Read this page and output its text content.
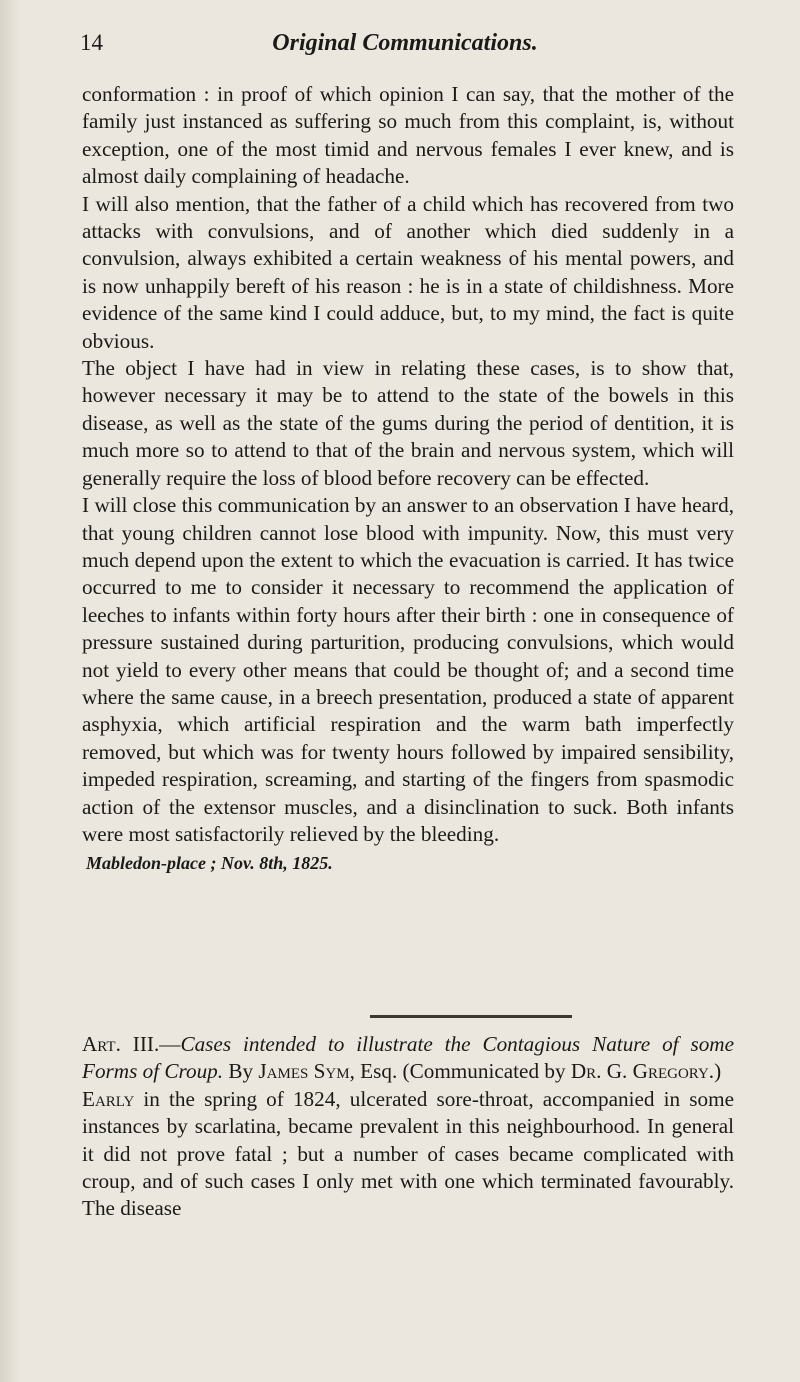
Original Communications.
14

conformation : in proof of which opinion I can say, that the mother of the family just instanced as suffering so much from this complaint, is, without exception, one of the most timid and nervous females I ever knew, and is almost daily complaining of headache.

I will also mention, that the father of a child which has recovered from two attacks with convulsions, and of another which died suddenly in a convulsion, always exhibited a certain weakness of his mental powers, and is now unhappily bereft of his reason : he is in a state of childishness. More evidence of the same kind I could adduce, but, to my mind, the fact is quite obvious.

The object I have had in view in relating these cases, is to show that, however necessary it may be to attend to the state of the bowels in this disease, as well as the state of the gums during the period of dentition, it is much more so to attend to that of the brain and nervous system, which will generally require the loss of blood before recovery can be effected.

I will close this communication by an answer to an observation I have heard, that young children cannot lose blood with impunity. Now, this must very much depend upon the extent to which the evacuation is carried. It has twice occurred to me to consider it necessary to recommend the application of leeches to infants within forty hours after their birth : one in consequence of pressure sustained during parturition, producing convulsions, which would not yield to every other means that could be thought of; and a second time where the same cause, in a breech presentation, produced a state of apparent asphyxia, which artificial respiration and the warm bath imperfectly removed, but which was for twenty hours followed by impaired sensibility, impeded respiration, screaming, and starting of the fingers from spasmodic action of the extensor muscles, and a disinclination to suck. Both infants were most satisfactorily relieved by the bleeding.

Mabledon-place ; Nov. 8th, 1825.

Art. III.—Cases intended to illustrate the Contagious Nature of some Forms of Croup. By James Sym, Esq. (Communicated by Dr. G. Gregory.)

Early in the spring of 1824, ulcerated sore-throat, accompanied in some instances by scarlatina, became prevalent in this neighbourhood. In general it did not prove fatal ; but a number of cases became complicated with croup, and of such cases I only met with one which terminated favourably. The disease
